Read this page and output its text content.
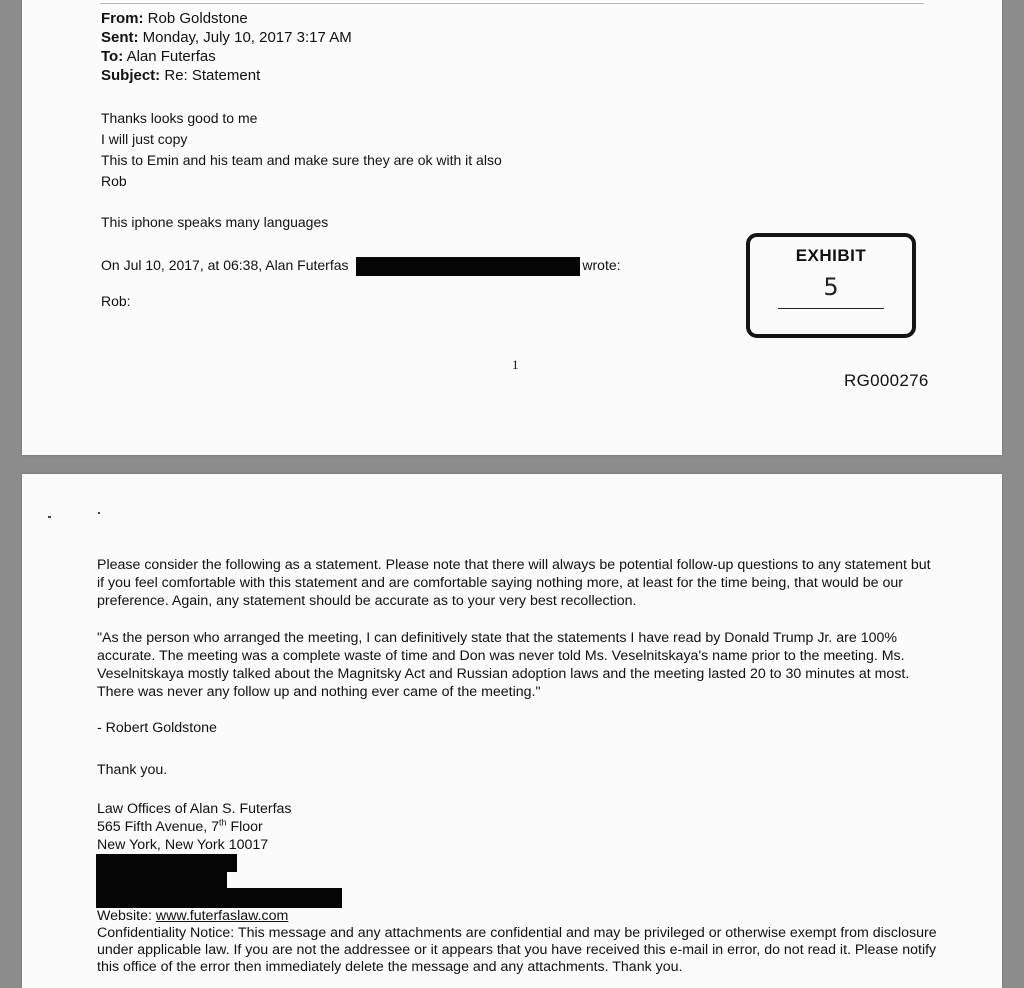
From: Rob Goldstone
Sent: Monday, July 10, 2017 3:17 AM
To: Alan Futerfas
Subject: Re: Statement
Thanks looks good to me
I will just copy
This to Emin and his team and make sure they are ok with it also
Rob
This iphone speaks many languages
On Jul 10, 2017, at 06:38, Alan Futerfas	wrote:
Rob:
EXHIBIT
5
1
RG000276

Please consider the following as a statement. Please note that there will always be potential follow-up questions to any statement but if you feel comfortable with this statement and are comfortable saying nothing more, at least for the time being, that would be our preference. Again, any statement should be accurate as to your very best recollection.

"As the person who arranged the meeting, I can definitively state that the statements I have read by Donald Trump Jr. are 100% accurate. The meeting was a complete waste of time and Don was never told Ms. Veselnitskaya's name prior to the meeting. Ms. Veselnitskaya mostly talked about the Magnitsky Act and Russian adoption laws and the meeting lasted 20 to 30 minutes at most. There was never any follow up and nothing ever came of the meeting."

- Robert Goldstone
Thank you.
Law Offices of Alan S. Futerfas
565 Fifth Avenue, 7th Floor
New York, New York 10017
Website: www.futerfaslaw.com
Confidentiality Notice: This message and any attachments are confidential and may be privileged or otherwise exempt from disclosure under applicable law. If you are not the addressee or it appears that you have received this e-mail in error, do not read it. Please notify this office of the error then immediately delete the message and any attachments. Thank you.
